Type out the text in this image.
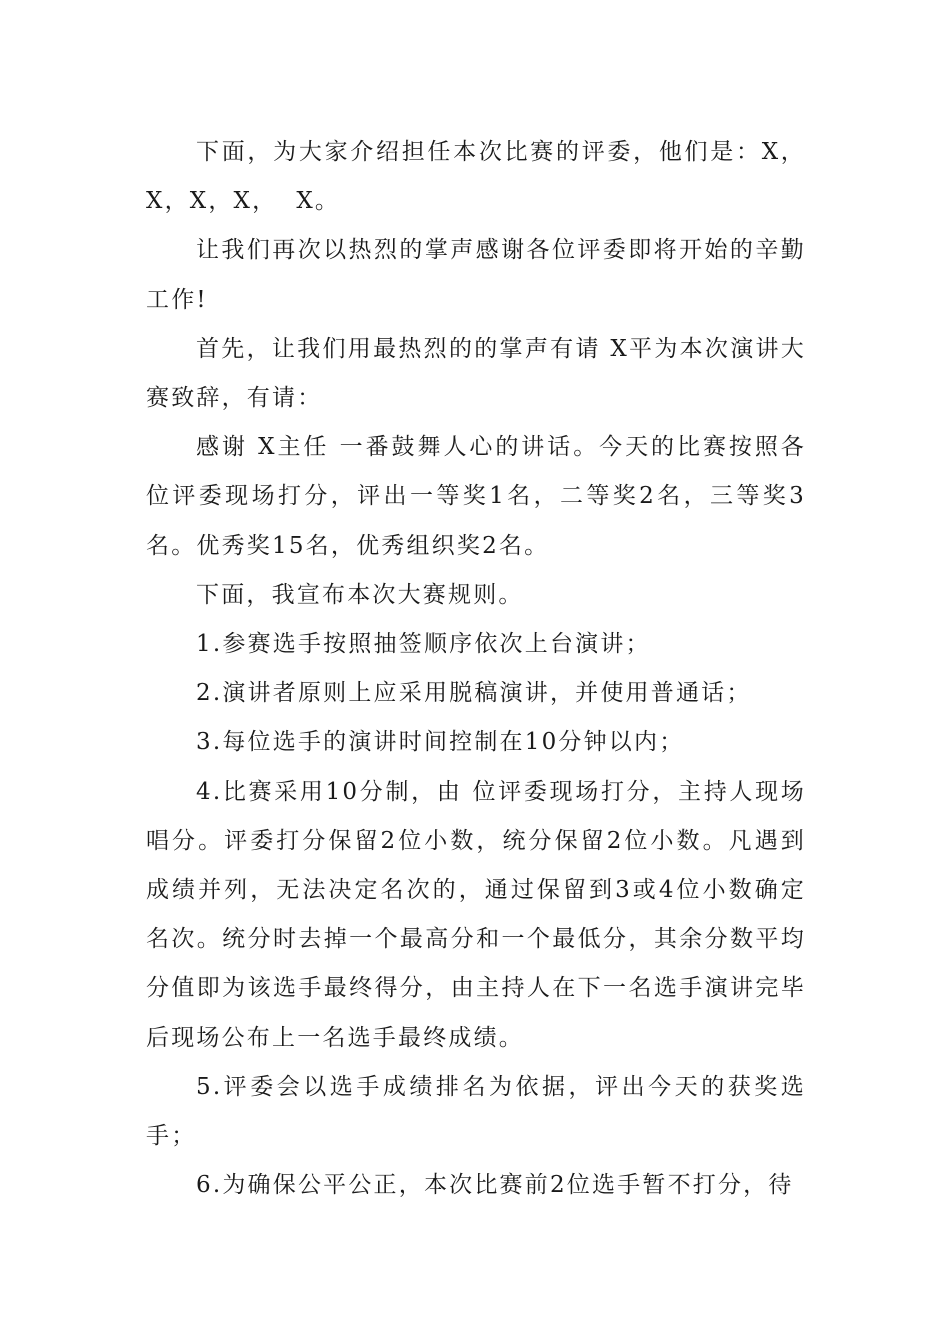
下面，为大家介绍担任本次比赛的评委，他们是：X，X，X，X，  X。

让我们再次以热烈的掌声感谢各位评委即将开始的辛勤工作!

首先，让我们用最热烈的的掌声有请 X平为本次演讲大赛致辞，有请：

感谢 X主任 一番鼓舞人心的讲话。今天的比赛按照各位评委现场打分，评出一等奖1名，二等奖2名，三等奖3名。优秀奖15名，优秀组织奖2名。

下面，我宣布本次大赛规则。

1.参赛选手按照抽签顺序依次上台演讲；

2.演讲者原则上应采用脱稿演讲，并使用普通话；

3.每位选手的演讲时间控制在10分钟以内；

4.比赛采用10分制，由 位评委现场打分，主持人现场唱分。评委打分保留2位小数，统分保留2位小数。凡遇到成绩并列，无法决定名次的，通过保留到3或4位小数确定名次。统分时去掉一个最高分和一个最低分，其余分数平均分值即为该选手最终得分，由主持人在下一名选手演讲完毕后现场公布上一名选手最终成绩。

5.评委会以选手成绩排名为依据，评出今天的获奖选手；

6.为确保公平公正，本次比赛前2位选手暂不打分，待
